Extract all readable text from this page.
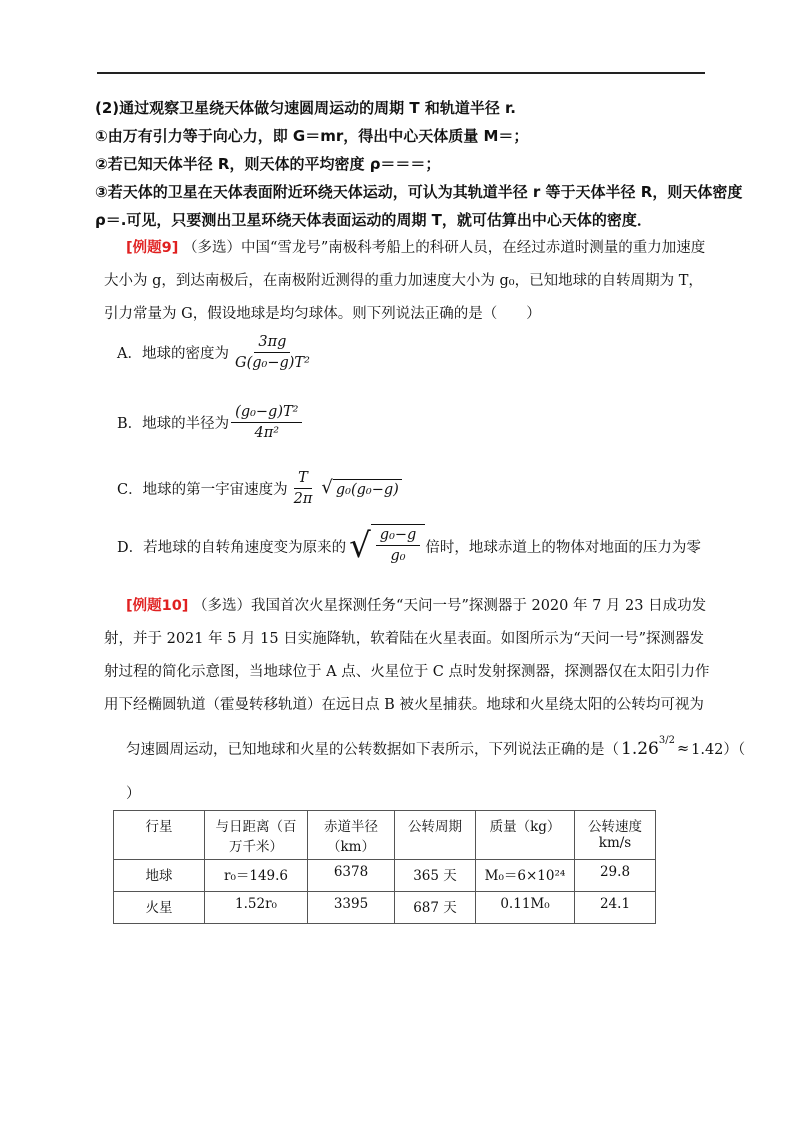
(2)通过观察卫星绕天体做匀速圆周运动的周期 T 和轨道半径 r.
①由万有引力等于向心力，即 G＝mr，得出中心天体质量 M＝；
②若已知天体半径 R，则天体的平均密度 ρ＝＝＝；
③若天体的卫星在天体表面附近环绕天体运动，可认为其轨道半径 r 等于天体半径 R，则天体密度
ρ＝.可见，只要测出卫星环绕天体表面运动的周期 T，就可估算出中心天体的密度．
[例题9] （多选）中国“雪龙号”南极科考船上的科研人员，在经过赤道时测量的重力加速度大小为 g，到达南极后，在南极附近测得的重力加速度大小为 g₀，已知地球的自转周期为 T，引力常量为 G，假设地球是均匀球体。则下列说法正确的是（　　）
A．地球的密度为 $\frac{3\pi g}{\text{G(g₀−g)T²}}$
B．地球的半径为 $\frac{\text{(g₀−g)T²}}{\text{4π²}}$
C．地球的第一宇宙速度为 $\frac{T}{2\pi}$ √ g₀(g₀−g)
D．若地球的自转角速度变为原来的 √ $\frac{\text{g₀−g}}{\text{g₀}}$ 倍时，地球赤道上的物体对地面的压力为零
[例题10] （多选）我国首次火星探测任务“天问一号”探测器于 2020 年 7 月 23 日成功发射，并于 2021 年 5 月 15 日实施降轨，软着陆在火星表面。如图所示为“天问一号”探测器发射过程的简化示意图，当地球位于 A 点、火星位于 C 点时发射探测器，探测器仅在太阳引力作用下经椭圆轨道（霍曼转移轨道）在远日点 B 被火星捕获。地球和火星绕太阳的公转均可视为
匀速圆周运动，已知地球和火星的公转数据如下表所示，下列说法正确的是（ $1.26^{3/2} \approx 1.42$）（
）
行星	与日距离（百万千米）	赤道半径（km）	公转周期	质量（kg）	公转速度 km/s
地球	r₀＝149.6	6378	365 天	M₀＝6×10²⁴	29.8
火星	1.52r₀	3395	687 天	0.11M₀	24.1
